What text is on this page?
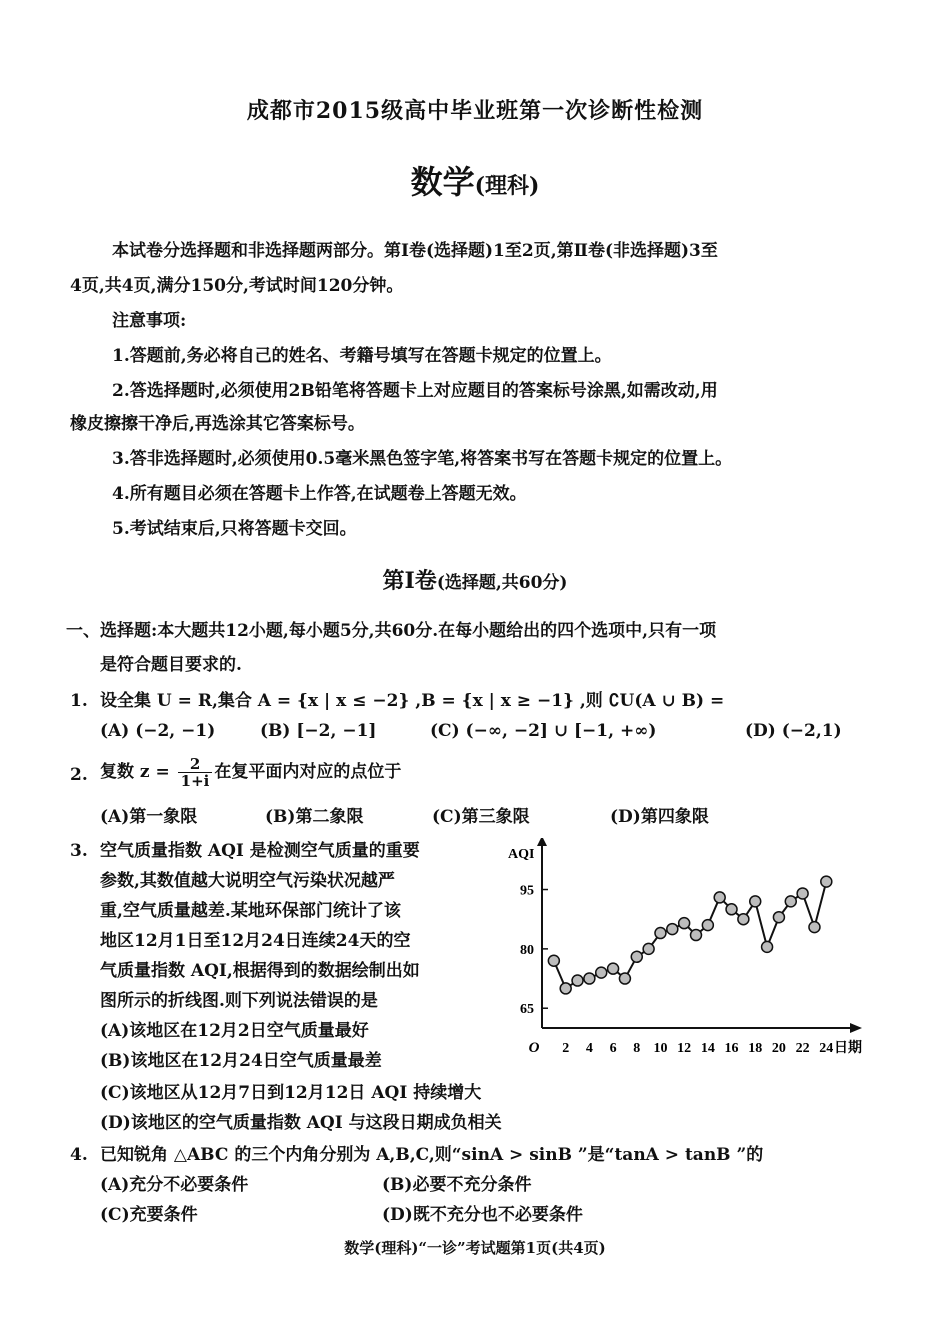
成都市2015级高中毕业班第一次诊断性检测
数学(理科)
本试卷分选择题和非选择题两部分。第Ⅰ卷(选择题)1至2页,第Ⅱ卷(非选择题)3至
4页,共4页,满分150分,考试时间120分钟。
注意事项:
1.答题前,务必将自己的姓名、考籍号填写在答题卡规定的位置上。
2.答选择题时,必须使用2B铅笔将答题卡上对应题目的答案标号涂黑,如需改动,用
橡皮擦擦干净后,再选涂其它答案标号。
3.答非选择题时,必须使用0.5毫米黑色签字笔,将答案书写在答题卡规定的位置上。
4.所有题目必须在答题卡上作答,在试题卷上答题无效。
5.考试结束后,只将答题卡交回。
第Ⅰ卷(选择题,共60分)
一、选择题:本大题共12小题,每小题5分,共60分.在每小题给出的四个选项中,只有一项
是符合题目要求的.
1. 设全集 U = R,集合 A = {x | x ≤ −2} ,B = {x | x ≥ −1} ,则 ∁U(A ∪ B) =
(A) (−2, −1)	(B) [−2, −1]	(C) (−∞, −2] ∪ [−1, +∞)	(D) (−2,1)
2. 复数 $z = \frac{2}{1+i}$ 在复平面内对应的点位于
(A)第一象限	(B)第二象限	(C)第三象限	(D)第四象限
3. 空气质量指数 AQI 是检测空气质量的重要
参数,其数值越大说明空气污染状况越严
重,空气质量越差.某地环保部门统计了该
地区12月1日至12月24日连续24天的空
气质量指数 AQI,根据得到的数据绘制出如
图所示的折线图.则下列说法错误的是
(A)该地区在12月2日空气质量最好
(B)该地区在12月24日空气质量最差
(C)该地区从12月7日到12月12日 AQI 持续增大
(D)该地区的空气质量指数 AQI 与这段日期成负相关
65
80
95
2 4 6 8 10 12 14 16 18 20 22 24
O
AQI
日期
4. 已知锐角 △ABC 的三个内角分别为 A,B,C,则“sinA > sinB ”是“tanA > tanB ”的
(A)充分不必要条件	(B)必要不充分条件
(C)充要条件	(D)既不充分也不必要条件
数学(理科)“一诊”考试题第1页(共4页)
